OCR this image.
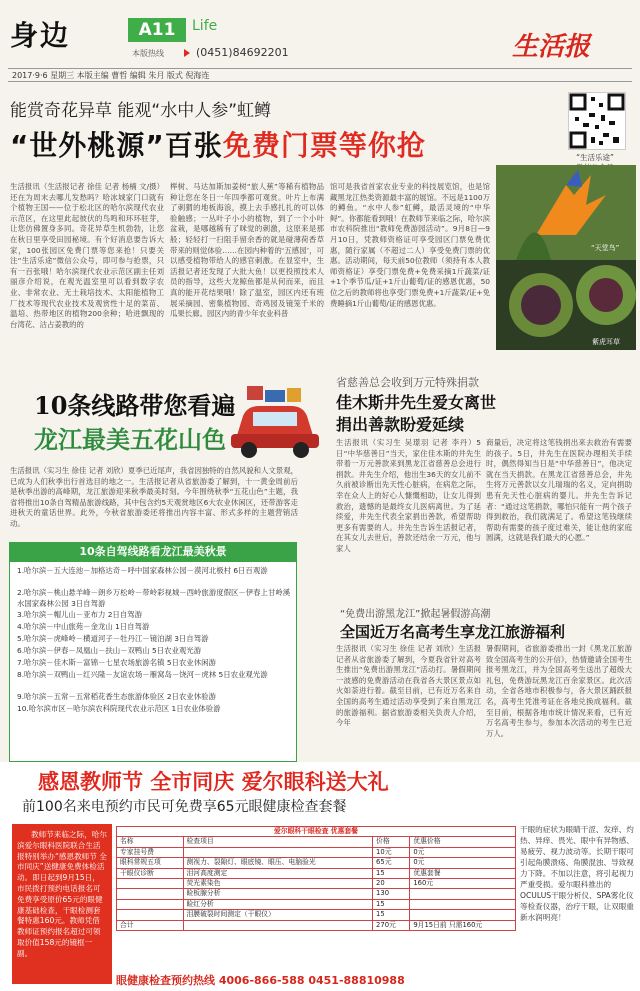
身边	A11	Life
本版热线	(0451)84692201	生活报
2017·9·6 星期三 本版主编 曹哲 编辑 朱月 版式 倪海连
能赏奇花异草 能观“水中人参”虹鳟
“世外桃源”百张免费门票等你抢	“生活乐途”

生活报讯（生活报记者 徐佳 记者 杨楠 文/摄）还在为周末去哪儿发愁吗？哈冰城家门口就有个植物王国——位于松北区的哈尔滨现代农业示范区，在这里此起彼伏的鸟鸣和环环驻芽，让您仿佛置身多同。奇花异草生机勃勃，让您在秋日里享受田园秘境。有个好消息要告诉大家，100张园区免费门票等您来抢！只要关注“生活乐途”微信公众号，即可参与抢票，只有一百张哦！哈尔滨现代农业示范区副主任刘丽彦介绍说，在观光温室里可以看到数字农业、非常农业、无土栽培技术、太阳能植物工厂技术等现代农业技术及观赏性十足的菜苗、温培、热带地区的植物200余种；哈进飘现的台湾花、沽占姜教的的
榉树、马达加斯加姜树“旅人蕉”等稀有植物品种让您在冬日一年四季都可观赏。叶片上布满了刺猬的地板海浪，摸上去手感扎扎的可以体验触感；一丛叶子小小的植物，到了一个小叶盆栽，是哪越稀有了咪觉的刺激，这原来是那般；轻轻打一扫阻手留余香的就是碰薄荷香草带来的则觉体验……在园内种着的‘五感园’，可以感受植物带给人的感官刺激。在显室中，生活报记者还发现了大批大鱼！以更投照技术人员的指导，这些大龙鲸鱼都是从何而来，而且真的能开花结果哦！除了温室，园区内还有班展采摘园、密集植物园、奇鸡园及镜笼千米的瓜果长廊。园区内的青少年农业科普
馆可是我省首家农业专业的科技展览馆，也是馆藏黑龙江热类资源最丰富的展馆。不远是1100万的鳟鱼。“水中人参”虹鳟，最活灵境的“中华鲟”。你都能看到哦！在教师节来临之际，哈尔滨市农科院推出“教师免费游园活动”。9月8日—9月10日，凭教师资格证可享受园区门票免费优惠，随行家属（不超过二人）享受免费门票的优惠。活动期间，每天前50位教师（须持有本人教师资格证）享受门票免费+免费采摘1斤蔬菜/证+1个季节瓜/证+1斤山葡萄/证的感恩优惠，50位之后的教师将也享受门票免费+1斤蔬菜/证+免费睡摘1斤山葡萄/证的感恩优惠。
“天堂鸟”
紫虎耳草
10条线路带您看遍
龙江最美五花山色
生活报讯（实习生 徐佳 记者 刘欣）夏季已近尾声，我省因独特的自然风貌和人文景观，已成为人们秋季出行首选目的地之一。生活报记者从省旅游委了解到，十一黄金周前后是秋季出游的高峰期，龙江旅游迎来秋季最美时刻。今年围绕秋季“五花山色”主题，我省将推出10条自驾精品旅游线路，其中包含约5天观赏地区6大农业休闲区，还带游客走进秋天的童话世界。此外，今秋省旅游委还将推出内容丰富、形式多样的主题营销活动。
10条自驾线路看龙江最美秋景
1.哈尔滨－五大连池－加格达奇－呼中国家森林公园－漠河北极村 6日百观游
2.哈尔滨－桃山悬羊峰－朗乡万松岭－带岭彩视城－西岭旅游度假区－伊春上甘岭溪水国家森林公园 3日自驾游
3.哈尔滨－帽儿山－亚布力 2日自驾游
4.哈尔滨－中山旅苑－金龙山 1日自驾游
5.哈尔滨－虎峰岭－横道河子－牡丹江－镜泊湖 3日自驾游
6.哈尔滨－伊春－凤凰山－扶山－双鸭山 5日农业观光游
7.哈尔滨－佳木斯－富锦－七星农场旅游名镇 5日农业休闲游
8.哈尔滨－双鸭山－红兴隆－友谊农场－雁窝岛－饶河－虎林 5日农业观光游
9.哈尔滨－五常－五常稻花香生态旅游体验区 2日农业休验游
10.哈尔滨市区－哈尔滨农科院现代农业示范区 1日农业体验游
省慈善总会收到万元特殊捐款
佳木斯井先生爱女离世
捐出善款盼爱延续
生活报讯（实习生 吴璟羽 记者 李丹）5日“中华慈善日”当天，家住佳木斯的井先生带着一万元善款来到黑龙江省慈善总会进行捐款。井先生介绍，他出生36天的女儿前不久前被诊断出先天性心脏病，在病危之际，幸在众人上的好心人慷慨相助，让女儿得到救治，遗憾的是最终女儿医病离世。为了延续爱，井先生代表全家捐出善款，希望帮助更多有需要的人。井先生告诉生活报记者，在其女儿去世后，善款还结余一万元，他与家人
商量后，决定将这笔钱捐出来去救治有需要的孩子。5日，井先生在医院办理相关手续时，偶然得知当日是“中华慈善日”，他决定就在当天捐款。在黑龙江省慈善总会，井先生将万元善款以女儿瑞瑞的名义，定向捐助患有先天性心脏病的婴儿。井先生告诉记者：“通过这笔捐款，哪怕只能有一两个孩子得到救治，我们就满足了。希望这笔钱继续帮助有需要的孩子度过难关，能让他的家庭圆满，这就是我们最大的心愿。”
“免费出游黑龙江”掀起暑假游高潮
全国近万名高考生享龙江旅游福利
生活报讯（实习生 徐佳 记者 刘欣）生活报记者从省旅游委了解到，今夏我省针对高考生推出“免费出游黑龙江”活动打。暑假期间一波感的免费游活动在我省各大景区景点如火如荼进行着。截至目前，已有近万名来自全国的高考生通过活动享受到了来自黑龙江的旅游福利。据省旅游委相关负责人介绍，今年
暑假期间，省旅游委推出一封《黑龙江旅游致全国高考生的公开信》，热情邀请全国考生报考黑龙江，并为全国高考生送出了超级大礼包，免费游玩黑龙江百余家景区。此次活动，全省各地市积极参与，各大景区踊跃报名，高考生凭准考证在各地兑换成福利。截至目前，根据各地市统计情况来看，已有近万名高考生参与，参加本次活动的考生已近万人。
感恩教师节 全市同庆 爱尔眼科送大礼
前100名来电预约市民可免费享65元眼健康检查套餐
教师节来临之际，哈尔滨爱尔眼科医院联合生活报特别举办“感恩教师节 全市同庆”送健康免费体检活动。即日起到9月15日，市民拨打预约电话报名可免费享受原价65元的眼健康基础检查，干眼检测套餐特惠160元。教师凭借教师证预约报名超过可领取价值158元的镜框一副。
干眼的症状为眼睛干涩、发痒、灼热、异痒、畏光、眼中有异物感、易疲劳、视力波动等。长期干眼可引起角膜溃疡、角膜混浊、导致视力下降。不加以注意，将引起视力严重受损。爱尔眼科推出的OCULUS干眼分析仪、SPA雾化仪等检查仪器，治疗干眼，让双眼重新水润明亮！
爱尔眼科干眼检查 优惠套餐			
名称	检查项目	价格	优惠价格
专家挂号费		10元	0元
眼科常规五项	测视力、裂隙灯、眼底镜、眼压、电脑验光	65元	0元
干眼仪诊断	泪河高度测定	15	优惠套餐
	荧光素染色	20	160元
	睑板腺分析	130	
	睑红分析	15	
	泪膜破裂时间测定（干眼仪）	15	
合计		270元	9月15日前 只需160元
眼健康检查预约热线 4006-866-588 0451-88810988
